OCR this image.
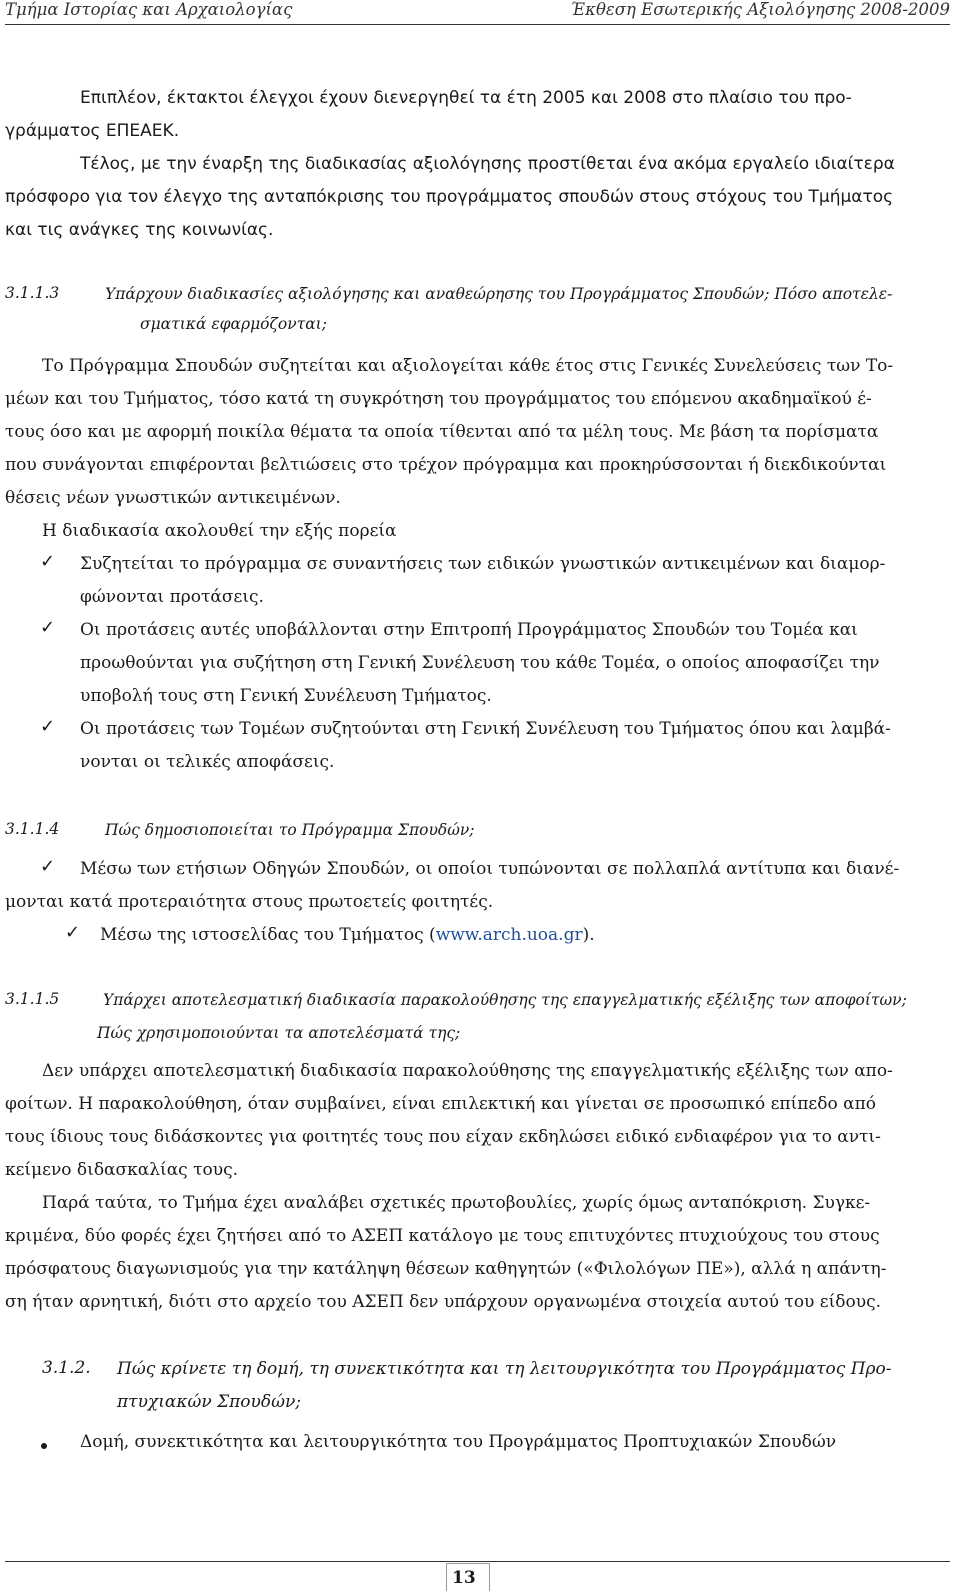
Τμήμα Ιστορίας και Αρχαιολογίας	Έκθεση Εσωτερικής Αξιολόγησης 2008-2009
Επιπλέον, έκτακτοι έλεγχοι έχουν διενεργηθεί τα έτη 2005 και 2008 στο πλαίσιο του προ-
γράμματος ΕΠΕΑΕΚ.
Τέλος, με την έναρξη της διαδικασίας αξιολόγησης προστίθεται ένα ακόμα εργαλείο ιδιαίτερα
πρόσφορο για τον έλεγχο της ανταπόκρισης του προγράμματος σπουδών στους στόχους του Τμήματος
και τις ανάγκες της κοινωνίας.
3.1.1.3	Υπάρχουν διαδικασίες αξιολόγησης και αναθεώρησης του Προγράμματος Σπουδών; Πόσο αποτελε-
σματικά εφαρμόζονται;
Το Πρόγραμμα Σπουδών συζητείται και αξιολογείται κάθε έτος στις Γενικές Συνελεύσεις των Το-
μέων και του Τμήματος, τόσο κατά τη συγκρότηση του προγράμματος του επόμενου ακαδημαϊκού έ-
τους όσο και με αφορμή ποικίλα θέματα τα οποία τίθενται από τα μέλη τους. Με βάση τα πορίσματα
που συνάγονται επιφέρονται βελτιώσεις στο τρέχον πρόγραμμα και προκηρύσσονται ή διεκδικούνται
θέσεις νέων γνωστικών αντικειμένων.
Η διαδικασία ακολουθεί την εξής πορεία
✓ Συζητείται το πρόγραμμα σε συναντήσεις των ειδικών γνωστικών αντικειμένων και διαμορ-
φώνονται προτάσεις.
✓ Οι προτάσεις αυτές υποβάλλονται στην Επιτροπή Προγράμματος Σπουδών του Τομέα και
προωθούνται για συζήτηση στη Γενική Συνέλευση του κάθε Τομέα, ο οποίος αποφασίζει την
υποβολή τους στη Γενική Συνέλευση Τμήματος.
✓ Οι προτάσεις των Τομέων συζητούνται στη Γενική Συνέλευση του Τμήματος όπου και λαμβά-
νονται οι τελικές αποφάσεις.
3.1.1.4	Πώς δημοσιοποιείται το Πρόγραμμα Σπουδών;
✓ Μέσω των ετήσιων Οδηγών Σπουδών, οι οποίοι τυπώνονται σε πολλαπλά αντίτυπα και διανέ-
μονται κατά προτεραιότητα στους πρωτοετείς φοιτητές.
✓ Μέσω της ιστοσελίδας του Τμήματος (www.arch.uoa.gr).
3.1.1.5	Υπάρχει αποτελεσματική διαδικασία παρακολούθησης της επαγγελματικής εξέλιξης των αποφοίτων;
Πώς χρησιμοποιούνται τα αποτελέσματά της;
Δεν υπάρχει αποτελεσματική διαδικασία παρακολούθησης της επαγγελματικής εξέλιξης των απο-
φοίτων. Η παρακολούθηση, όταν συμβαίνει, είναι επιλεκτική και γίνεται σε προσωπικό επίπεδο από
τους ίδιους τους διδάσκοντες για φοιτητές τους που είχαν εκδηλώσει ειδικό ενδιαφέρον για το αντι-
κείμενο διδασκαλίας τους.
Παρά ταύτα, το Τμήμα έχει αναλάβει σχετικές πρωτοβουλίες, χωρίς όμως ανταπόκριση. Συγκε-
κριμένα, δύο φορές έχει ζητήσει από το ΑΣΕΠ κατάλογο με τους επιτυχόντες πτυχιούχους του στους
πρόσφατους διαγωνισμούς για την κατάληψη θέσεων καθηγητών («Φιλολόγων ΠΕ»), αλλά η απάντη-
ση ήταν αρνητική, διότι στο αρχείο του ΑΣΕΠ δεν υπάρχουν οργανωμένα στοιχεία αυτού του είδους.
3.1.2. Πώς κρίνετε τη δομή, τη συνεκτικότητα και τη λειτουργικότητα του Προγράμματος Προ-
πτυχιακών Σπουδών;
Δομή, συνεκτικότητα και λειτουργικότητα του Προγράμματος Προπτυχιακών Σπουδών
13
